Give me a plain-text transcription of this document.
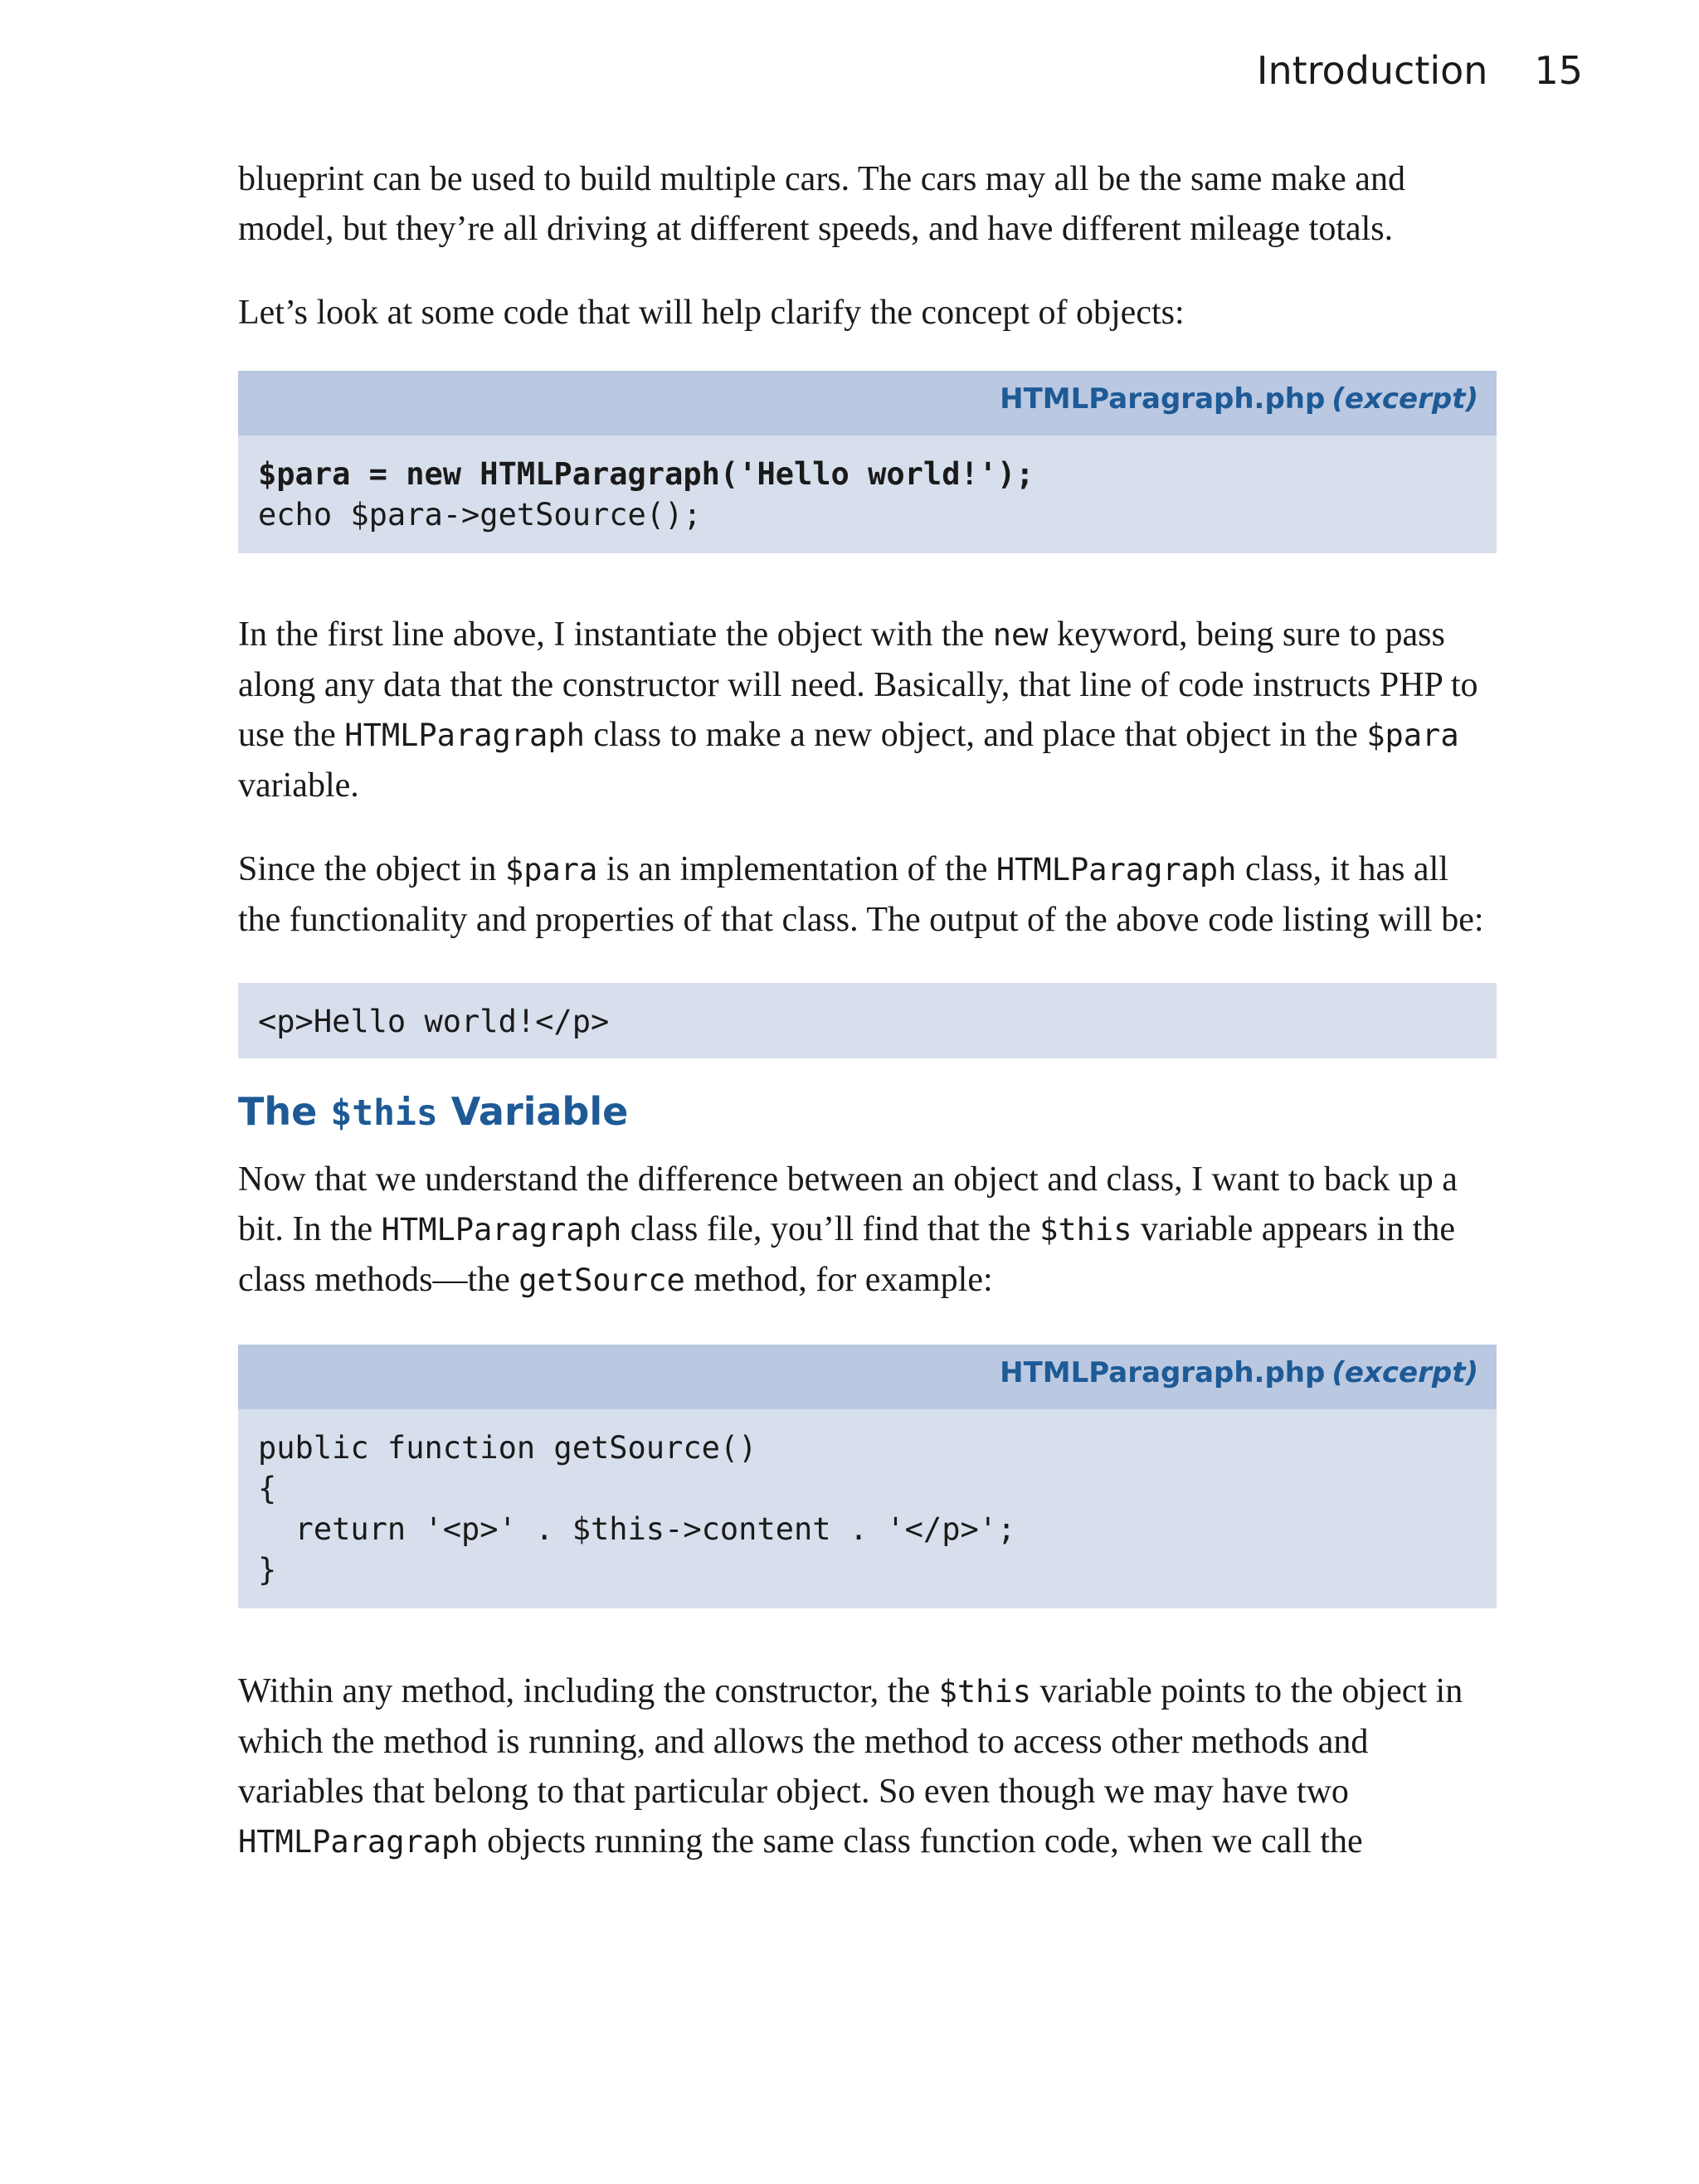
Introduction 15

blueprint can be used to build multiple cars. The cars may all be the same make and model, but they’re all driving at different speeds, and have different mileage totals.

Let’s look at some code that will help clarify the concept of objects:

HTMLParagraph.php (excerpt)
$para = new HTMLParagraph('Hello world!');
echo $para->getSource();

In the first line above, I instantiate the object with the new keyword, being sure to pass along any data that the constructor will need. Basically, that line of code instructs PHP to use the HTMLParagraph class to make a new object, and place that object in the $para variable.

Since the object in $para is an implementation of the HTMLParagraph class, it has all the functionality and properties of that class. The output of the above code listing will be:

<p>Hello world!</p>
The $this Variable

Now that we understand the difference between an object and class, I want to back up a bit. In the HTMLParagraph class file, you’ll find that the $this variable appears in the class methods—the getSource method, for example:

HTMLParagraph.php (excerpt)
public function getSource()
{
return '<p>' . $this->content . '</p>';
}

Within any method, including the constructor, the $this variable points to the object in which the method is running, and allows the method to access other methods and variables that belong to that particular object. So even though we may have two HTMLParagraph objects running the same class function code, when we call the
